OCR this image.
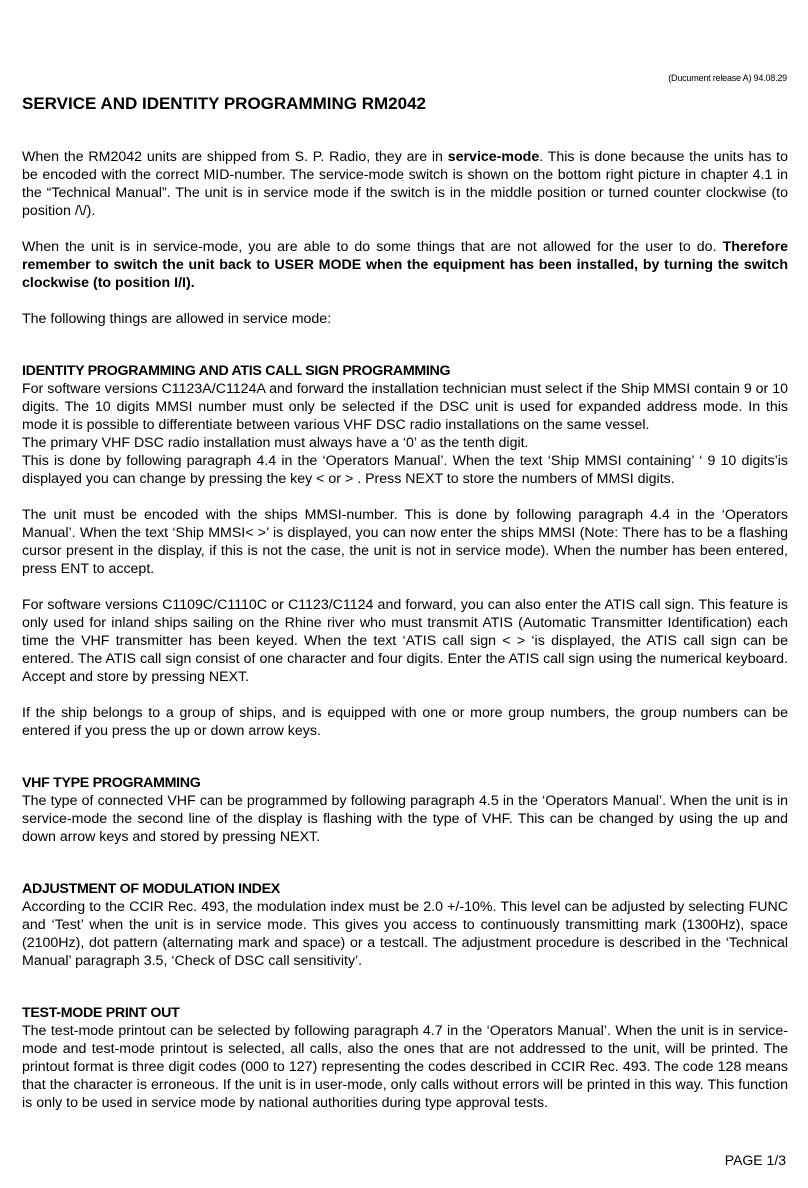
(Ducument release A) 94.08.29
SERVICE AND IDENTITY PROGRAMMING RM2042

When the RM2042 units are shipped from S. P. Radio, they are in service-mode. This is done because the units has to be encoded with the correct MID-number. The service-mode switch is shown on the bottom right picture in chapter 4.1 in the “Technical Manual”. The unit is in service mode if the switch is in the middle position or turned counter clockwise (to position /\/).

When the unit is in service-mode, you are able to do some things that are not allowed for the user to do. Therefore remember to switch the unit back to USER MODE when the equipment has been installed, by turning the switch clockwise (to position I/I).

The following things are allowed in service mode:

IDENTITY PROGRAMMING AND ATIS CALL SIGN PROGRAMMING

For software versions C1123A/C1124A and forward the installation technician must select if the Ship MMSI contain 9 or 10 digits. The 10 digits MMSI number must only be selected if the DSC unit is used for expanded address mode. In this mode it is possible to differentiate between various VHF DSC radio installations on the same vessel.

The primary VHF DSC radio installation must always have a ‘0’ as the tenth digit.

This is done by following paragraph 4.4 in the ‘Operators Manual’. When the text ‘Ship MMSI containing’ ‘ 9 10 digits’is displayed you can change by pressing the key < or > . Press NEXT to store the numbers of MMSI digits.

The unit must be encoded with the ships MMSI-number. This is done by following paragraph 4.4 in the ‘Operators Manual’. When the text ‘Ship MMSI< >’ is displayed, you can now enter the ships MMSI (Note: There has to be a flashing cursor present in the display, if this is not the case, the unit is not in service mode). When the number has been entered, press ENT to accept.

For software versions C1109C/C1110C or C1123/C1124 and forward, you can also enter the ATIS call sign. This feature is only used for inland ships sailing on the Rhine river who must transmit ATIS (Automatic Transmitter Identification) each time the VHF transmitter has been keyed. When the text ‘ATIS call sign < > ‘is displayed, the ATIS call sign can be entered. The ATIS call sign consist of one character and four digits. Enter the ATIS call sign using the numerical keyboard. Accept and store by pressing NEXT.

If the ship belongs to a group of ships, and is equipped with one or more group numbers, the group numbers can be entered if you press the up or down arrow keys.

VHF TYPE PROGRAMMING

The type of connected VHF can be programmed by following paragraph 4.5 in the ‘Operators Manual’. When the unit is in service-mode the second line of the display is flashing with the type of VHF. This can be changed by using the up and down arrow keys and stored by pressing NEXT.

ADJUSTMENT OF MODULATION INDEX

According to the CCIR Rec. 493, the modulation index must be 2.0 +/-10%. This level can be adjusted by selecting FUNC and ‘Test’ when the unit is in service mode. This gives you access to continuously transmitting mark (1300Hz), space (2100Hz), dot pattern (alternating mark and space) or a testcall. The adjustment procedure is described in the ‘Technical Manual’ paragraph 3.5, ‘Check of DSC call sensitivity’.

TEST-MODE PRINT OUT

The test-mode printout can be selected by following paragraph 4.7 in the ‘Operators Manual’. When the unit is in service-mode and test-mode printout is selected, all calls, also the ones that are not addressed to the unit, will be printed. The printout format is three digit codes (000 to 127) representing the codes described in CCIR Rec. 493. The code 128 means that the character is erroneous. If the unit is in user-mode, only calls without errors will be printed in this way. This function is only to be used in service mode by national authorities during type approval tests.

PAGE 1/3
